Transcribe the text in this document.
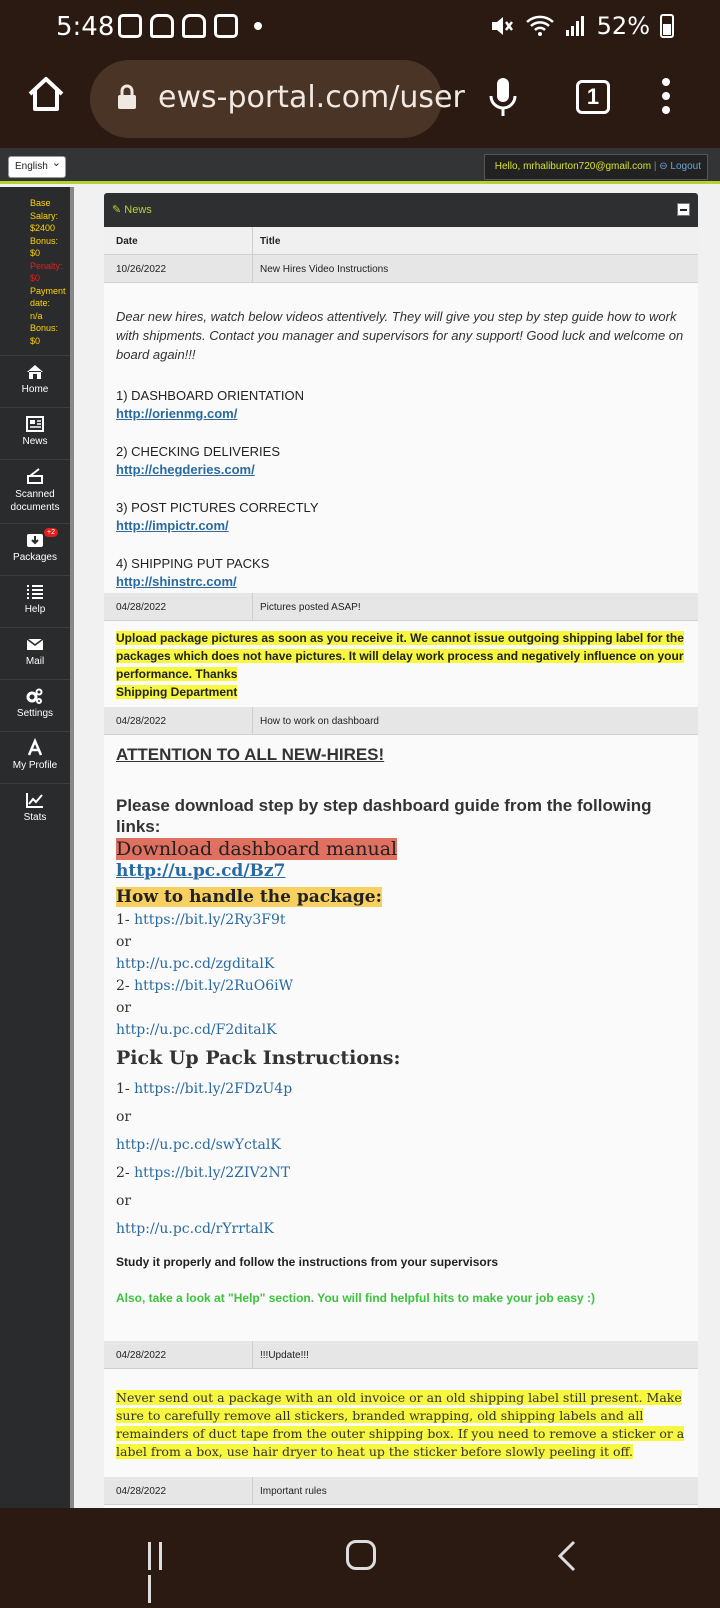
5:48	52%
ews-portal.com/user	1
English ⌄	Hello, mrhaliburton720@gmail.com | ⊖ Logout
Base
Salary:
$2400
Bonus:
$0
Penalty:
$0
Payment
date:
n/a
Bonus:
$0
Home
News
Scanned documents
+2
Packages
Help
Mail
Settings
My Profile
Stats
✎ News
Date	Title
10/26/2022	New Hires Video Instructions

Dear new hires, watch below videos attentively. They will give you step by step guide how to work with shipments. Contact you manager and supervisors for any support! Good luck and welcome on board again!!!

1) DASHBOARD ORIENTATION

http://orienmg.com/

2) CHECKING DELIVERIES

http://chegderies.com/

3) POST PICTURES CORRECTLY

http://impictr.com/

4) SHIPPING PUT PACKS

http://shinstrc.com/
04/28/2022	Pictures posted ASAP!

Upload package pictures as soon as you receive it. We cannot issue outgoing shipping label for the packages which does not have pictures. It will delay work process and negatively influence on your performance. Thanks

Shipping Department

04/28/2022	How to work on dashboard

ATTENTION TO ALL NEW-HIRES!

Please download step by step dashboard guide from the following links:

Download dashboard manual

http://u.pc.cd/Bz7

How to handle the package:

1- https://bit.ly/2Ry3F9t

or

http://u.pc.cd/zgditalK

2- https://bit.ly/2RuO6iW

or

http://u.pc.cd/F2ditalK

Pick Up Pack Instructions:

1- https://bit.ly/2FDzU4p

or

http://u.pc.cd/swYctalK

2- https://bit.ly/2ZIV2NT

or

http://u.pc.cd/rYrrtalK

Study it properly and follow the instructions from your supervisors

Also, take a look at "Help" section. You will find helpful hits to make your job easy :)

04/28/2022	!!!Update!!!

Never send out a package with an old invoice or an old shipping label still present. Make sure to carefully remove all stickers, branded wrapping, old shipping labels and all remainders of duct tape from the outer shipping box. If you need to remove a sticker or a label from a box, use hair dryer to heat up the sticker before slowly peeling it off.

04/28/2022	Important rules
